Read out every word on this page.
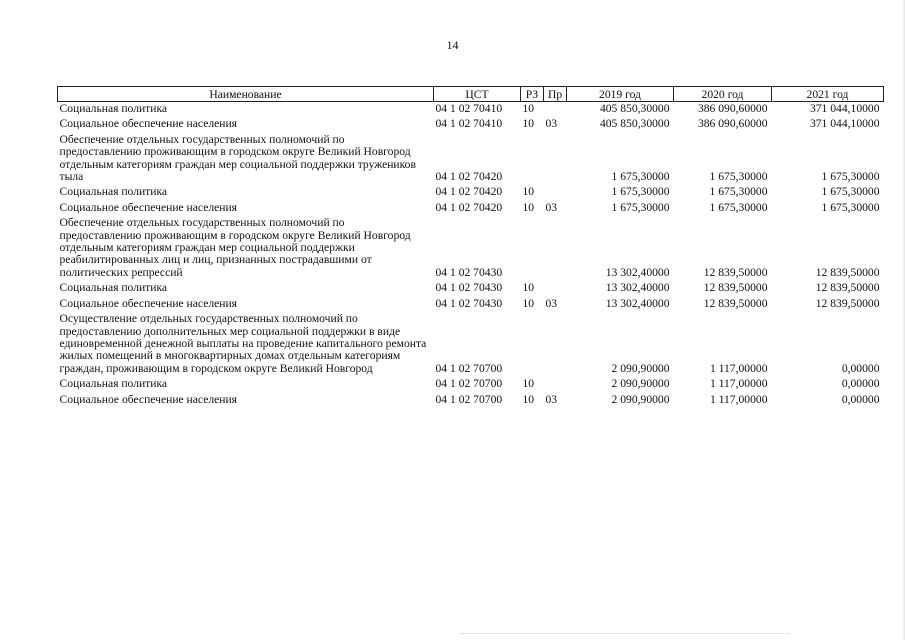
14
Наименование	ЦСТ	РЗ	Пр	2019 год	2020 год	2021 год
Социальная политика	04 1 02 70410	10		405 850,30000	386 090,60000	371 044,10000
Социальное обеспечение населения	04 1 02 70410	10	03	405 850,30000	386 090,60000	371 044,10000
Обеспечение отдельных государственных полномочий по предоставлению проживающим в городском округе Великий Новгород отдельным категориям граждан мер социальной поддержки тружеников тыла	04 1 02 70420			1 675,30000	1 675,30000	1 675,30000
Социальная политика	04 1 02 70420	10		1 675,30000	1 675,30000	1 675,30000
Социальное обеспечение населения	04 1 02 70420	10	03	1 675,30000	1 675,30000	1 675,30000
Обеспечение отдельных государственных полномочий по предоставлению проживающим в городском округе Великий Новгород отдельным категориям граждан мер социальной поддержки реабилитированных лиц и лиц, признанных пострадавшими от политических репрессий	04 1 02 70430			13 302,40000	12 839,50000	12 839,50000
Социальная политика	04 1 02 70430	10		13 302,40000	12 839,50000	12 839,50000
Социальное обеспечение населения	04 1 02 70430	10	03	13 302,40000	12 839,50000	12 839,50000
Осуществление отдельных государственных полномочий по предоставлению дополнительных мер социальной поддержки в виде единовременной денежной выплаты на проведение капитального ремонта жилых помещений в многоквартирных домах отдельным категориям граждан, проживающим в городском округе Великий Новгород	04 1 02 70700			2 090,90000	1 117,00000	0,00000
Социальная политика	04 1 02 70700	10		2 090,90000	1 117,00000	0,00000
Социальное обеспечение населения	04 1 02 70700	10	03	2 090,90000	1 117,00000	0,00000
